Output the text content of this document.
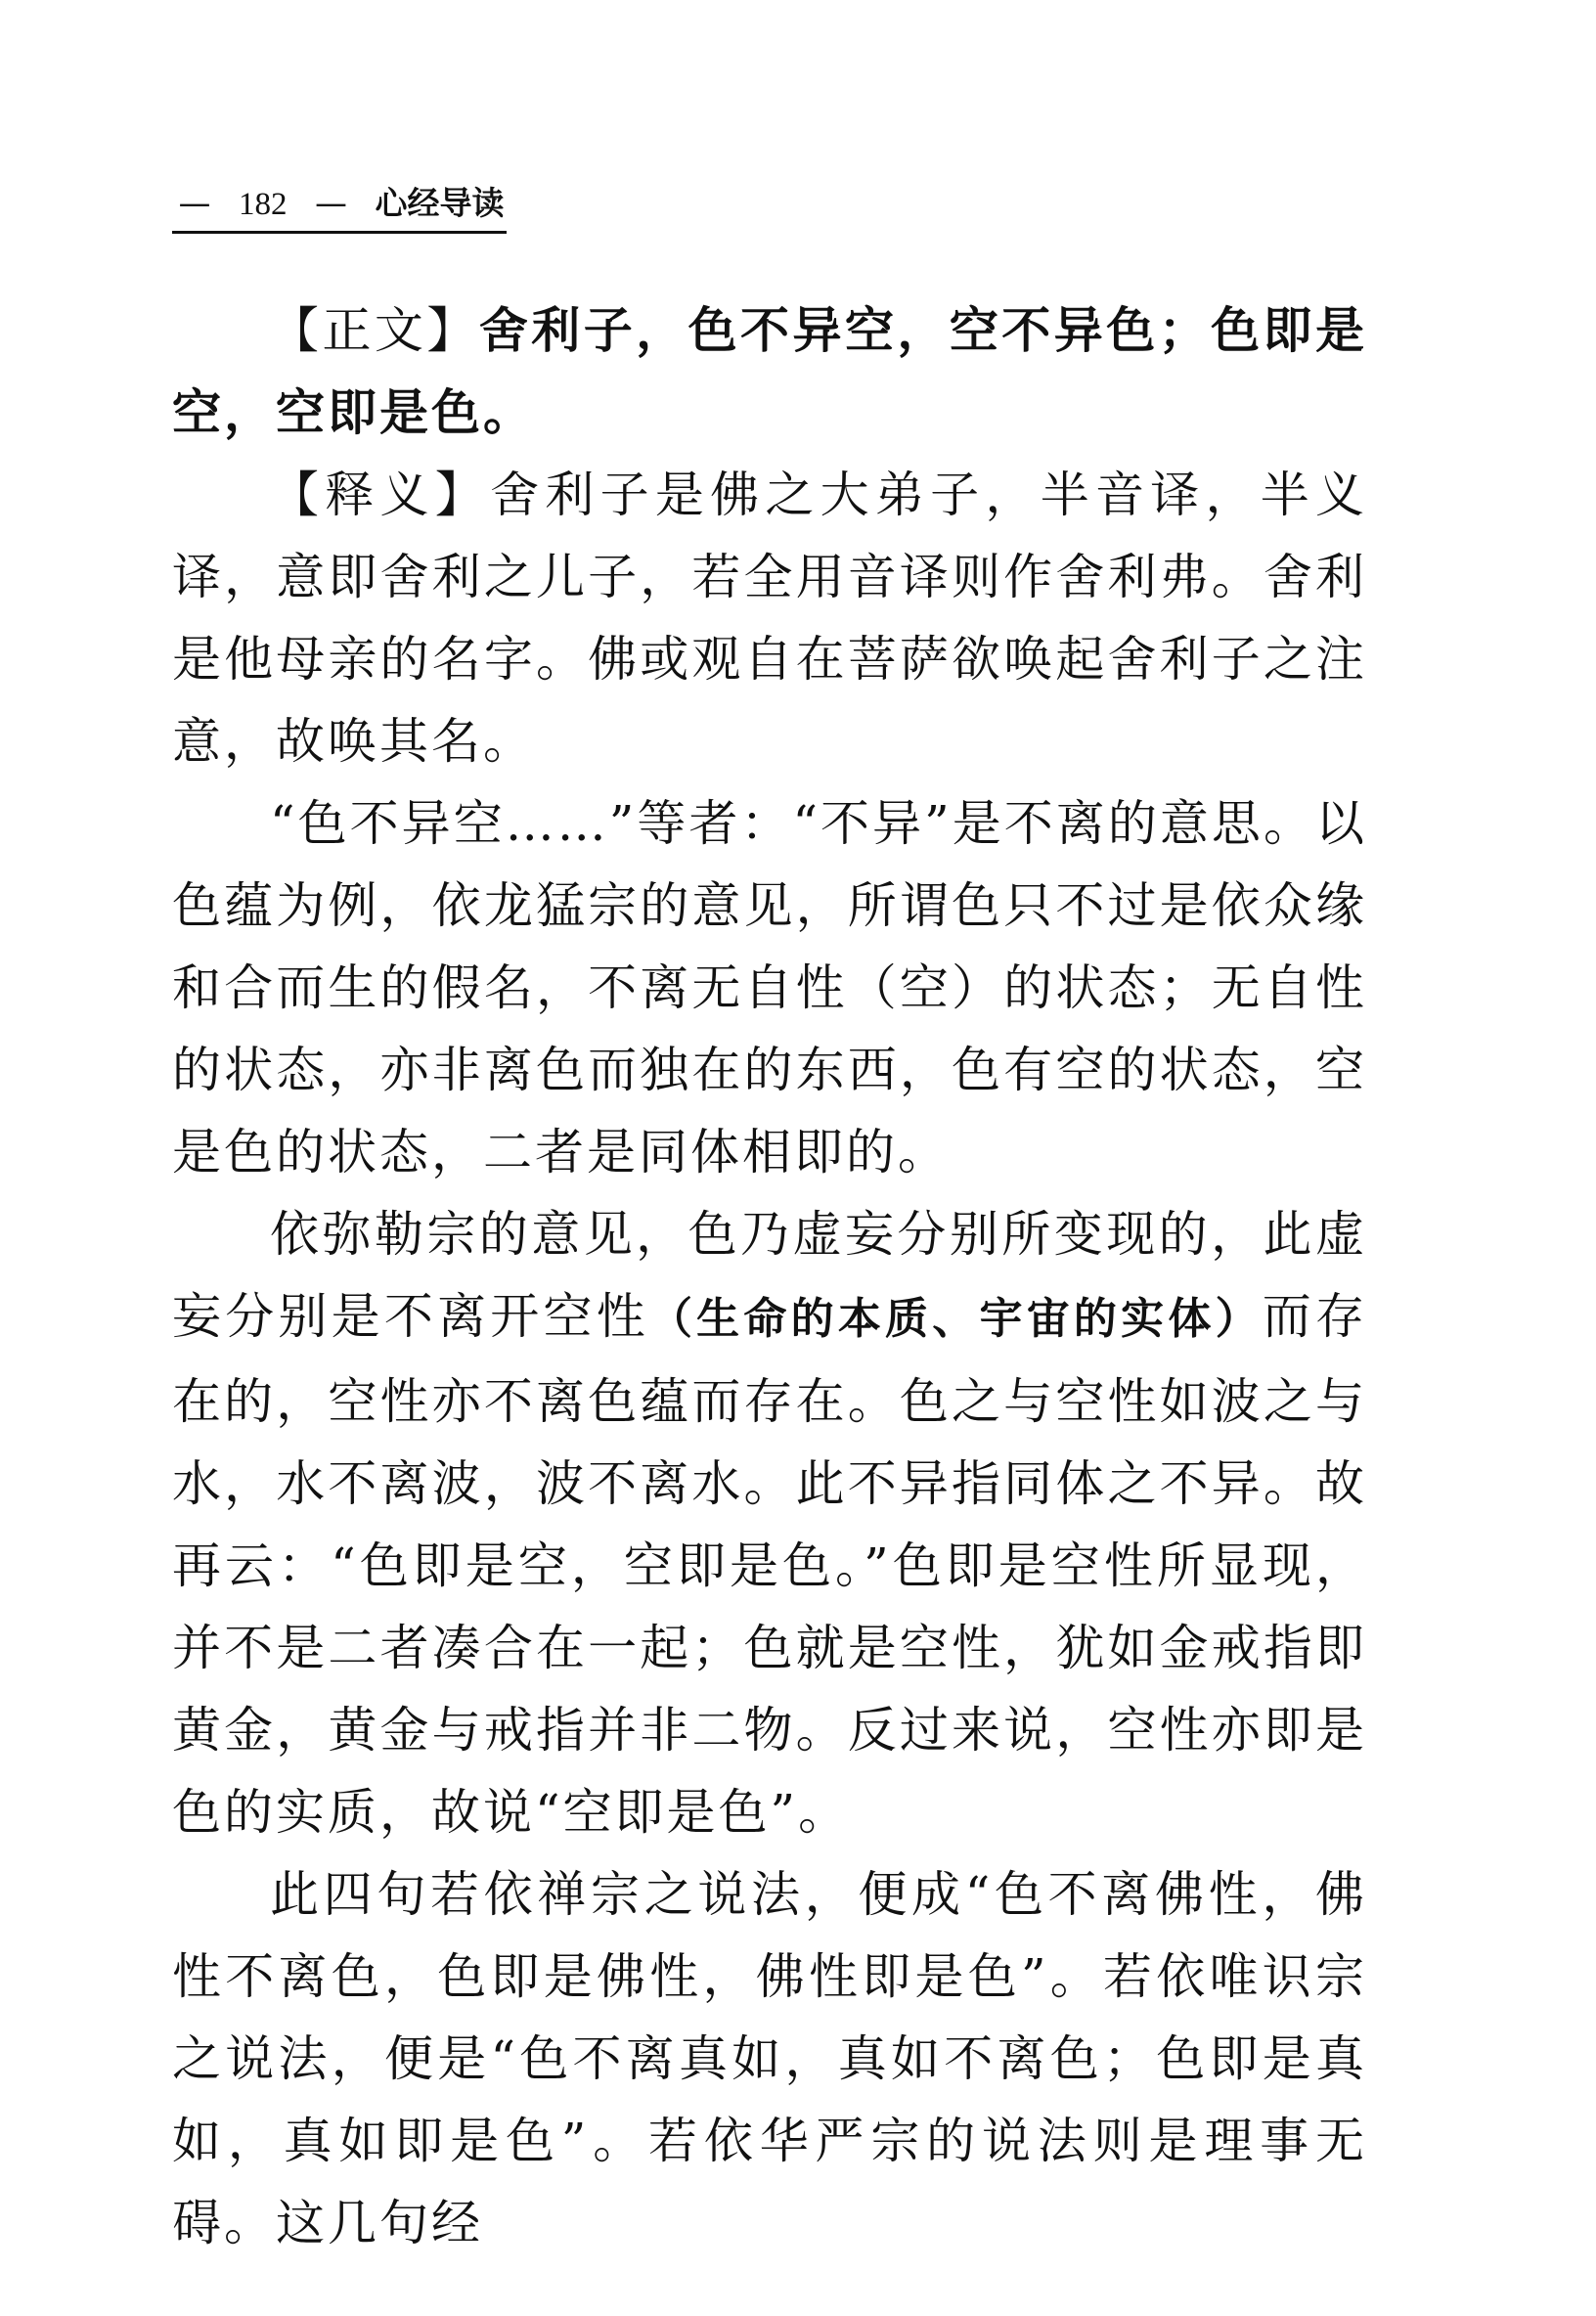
— 182 — 心经导读

【正文】舍利子，色不异空，空不异色；色即是空，空即是色。

【释义】舍利子是佛之大弟子，半音译，半义译，意即舍利之儿子，若全用音译则作舍利弗。舍利是他母亲的名字。佛或观自在菩萨欲唤起舍利子之注意，故唤其名。

“色不异空……”等者：“不异”是不离的意思。以色蕴为例，依龙猛宗的意见，所谓色只不过是依众缘和合而生的假名，不离无自性（空）的状态；无自性的状态，亦非离色而独在的东西，色有空的状态，空是色的状态，二者是同体相即的。

依弥勒宗的意见，色乃虚妄分别所变现的，此虚妄分别是不离开空性（生命的本质、宇宙的实体）而存在的，空性亦不离色蕴而存在。色之与空性如波之与水，水不离波，波不离水。此不异指同体之不异。故再云：“色即是空，空即是色。”色即是空性所显现，并不是二者凑合在一起；色就是空性，犹如金戒指即黄金，黄金与戒指并非二物。反过来说，空性亦即是色的实质，故说“空即是色”。

此四句若依禅宗之说法，便成“色不离佛性，佛性不离色，色即是佛性，佛性即是色”。若依唯识宗之说法，便是“色不离真如，真如不离色；色即是真如，真如即是色”。若依华严宗的说法则是理事无碍。这几句经
